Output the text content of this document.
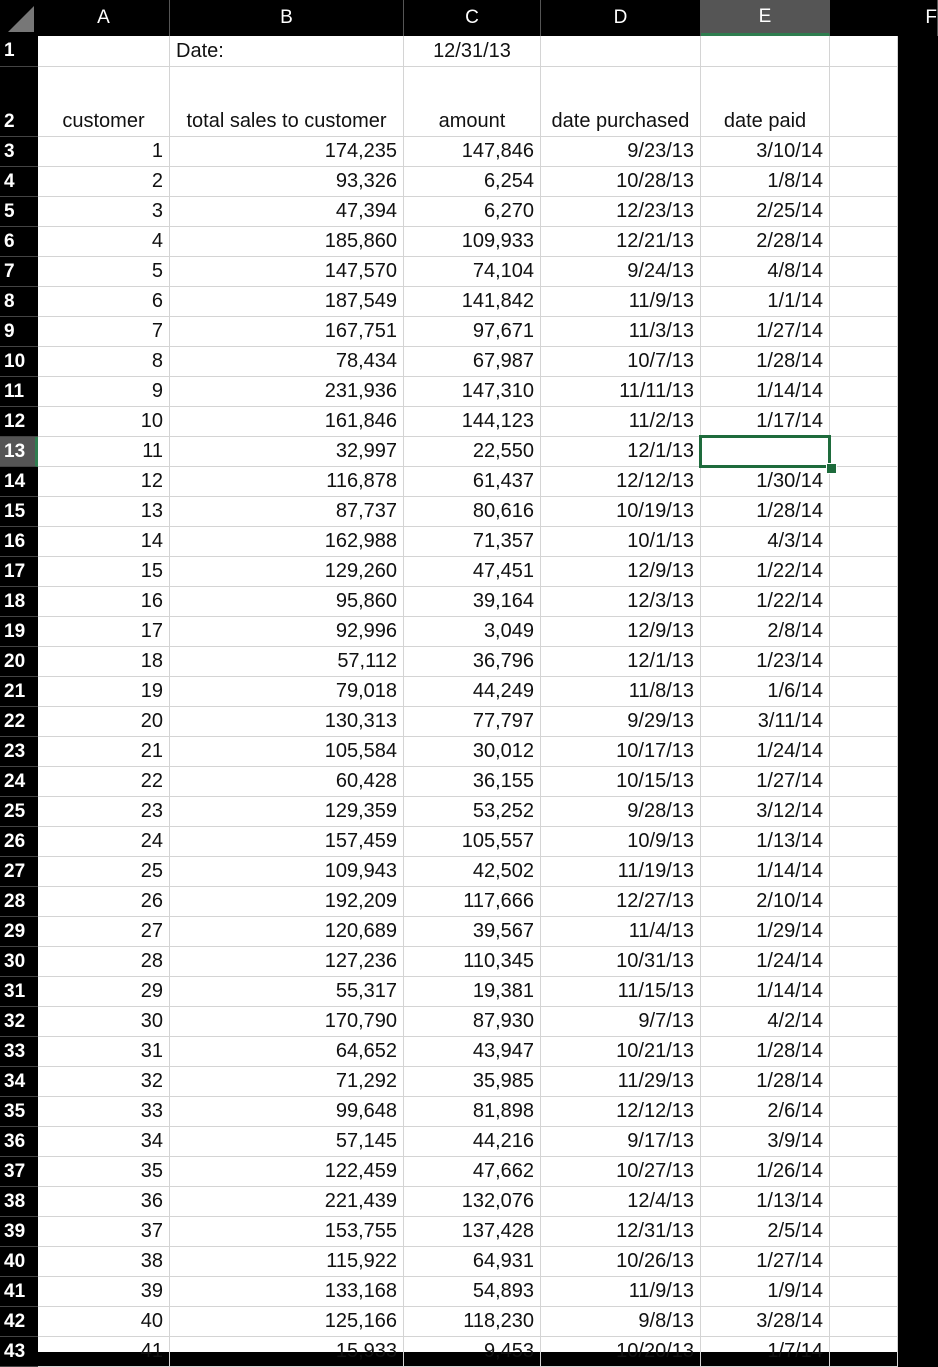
A	B	C	D	E	F
1
2
3
4
5
6
7
8
9
10
11
12
13
14
15
16
17
18
19
20
21
22
23
24
25
26
27
28
29
30
31
32
33
34
35
36
37
38
39
40
41
42
43
Date:	12/31/13
customer	total sales to customer	amount	date purchased	date paid
1	174,235	147,846	9/23/13	3/10/14
2	93,326	6,254	10/28/13	1/8/14
3	47,394	6,270	12/23/13	2/25/14
4	185,860	109,933	12/21/13	2/28/14
5	147,570	74,104	9/24/13	4/8/14
6	187,549	141,842	11/9/13	1/1/14
7	167,751	97,671	11/3/13	1/27/14
8	78,434	67,987	10/7/13	1/28/14
9	231,936	147,310	11/11/13	1/14/14
10	161,846	144,123	11/2/13	1/17/14
11	32,997	22,550	12/1/13
12	116,878	61,437	12/12/13	1/30/14
13	87,737	80,616	10/19/13	1/28/14
14	162,988	71,357	10/1/13	4/3/14
15	129,260	47,451	12/9/13	1/22/14
16	95,860	39,164	12/3/13	1/22/14
17	92,996	3,049	12/9/13	2/8/14
18	57,112	36,796	12/1/13	1/23/14
19	79,018	44,249	11/8/13	1/6/14
20	130,313	77,797	9/29/13	3/11/14
21	105,584	30,012	10/17/13	1/24/14
22	60,428	36,155	10/15/13	1/27/14
23	129,359	53,252	9/28/13	3/12/14
24	157,459	105,557	10/9/13	1/13/14
25	109,943	42,502	11/19/13	1/14/14
26	192,209	117,666	12/27/13	2/10/14
27	120,689	39,567	11/4/13	1/29/14
28	127,236	110,345	10/31/13	1/24/14
29	55,317	19,381	11/15/13	1/14/14
30	170,790	87,930	9/7/13	4/2/14
31	64,652	43,947	10/21/13	1/28/14
32	71,292	35,985	11/29/13	1/28/14
33	99,648	81,898	12/12/13	2/6/14
34	57,145	44,216	9/17/13	3/9/14
35	122,459	47,662	10/27/13	1/26/14
36	221,439	132,076	12/4/13	1/13/14
37	153,755	137,428	12/31/13	2/5/14
38	115,922	64,931	10/26/13	1/27/14
39	133,168	54,893	11/9/13	1/9/14
40	125,166	118,230	9/8/13	3/28/14
41	15,933	9,453	10/20/13	1/7/14
